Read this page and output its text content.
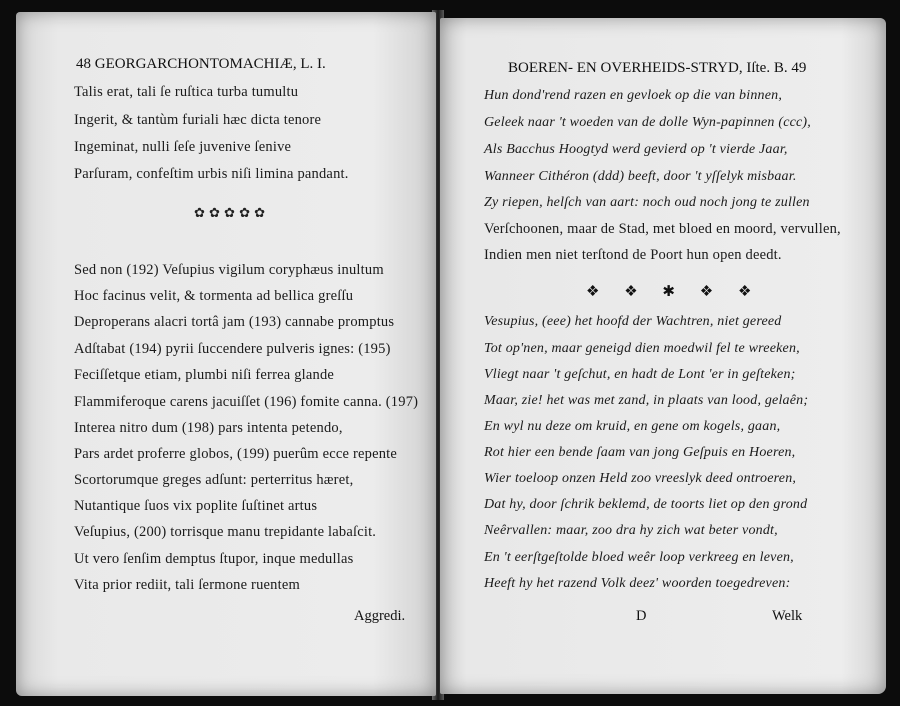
48 GEORGARCHONTOMACHIÆ, L. I.
Talis erat, tali ſe ruſtica turba tumultu
Ingerit, & tantùm furiali hæc dicta tenore
Ingeminat, nulli ſeſe juvenive ſenive
Parſuram, confeſtim urbis niſi limina pandant.
✿ ✿ ✿ ✿ ✿
Sed non (192) Veſupius vigilum coryphæus inultum
Hoc facinus velit, & tormenta ad bellica greſſu
Deproperans alacri tortâ jam (193) cannabe promptus
Adſtabat (194) pyrii ſuccendere pulveris ignes: (195)
Feciſſetque etiam, plumbi niſi ferrea glande
Flammiferoque carens jacuiſſet (196) fomite canna. (197)
Interea nitro dum (198) pars intenta petendo,
Pars ardet proferre globos, (199) puerûm ecce repente
Scortorumque greges adſunt: perterritus hæret,
Nutantique ſuos vix poplite ſuſtinet artus
Veſupius, (200) torrisque manu trepidante labaſcit.
Ut vero ſenſim demptus ſtupor, inque medullas
Vita prior rediit, tali ſermone ruentem
Aggredi.
BOEREN- EN OVERHEIDS-STRYD, Iſte. B. 49
Hun dond'rend razen en gevloek op die van binnen,
Geleek naar 't woeden van de dolle Wyn-papinnen (ccc),
Als Bacchus Hoogtyd werd gevierd op 't vierde Jaar,
Wanneer Cithéron (ddd) beeft, door 't yſſelyk misbaar.
Zy riepen, helſch van aart: noch oud noch jong te zullen
Verſchoonen, maar de Stad, met bloed en moord, vervullen,
Indien men niet terſtond de Poort hun open deedt.
❖ ❖ ✱ ❖ ❖
Vesupius, (eee) het hoofd der Wachtren, niet gereed
Tot op'nen, maar geneigd dien moedwil fel te wreeken,
Vliegt naar 't geſchut, en hadt de Lont 'er in geſteken;
Maar, zie! het was met zand, in plaats van lood, gelaên;
En wyl nu deze om kruid, en gene om kogels, gaan,
Rot hier een bende ſaam van jong Geſpuis en Hoeren,
Wier toeloop onzen Held zoo vreeslyk deed ontroeren,
Dat hy, door ſchrik beklemd, de toorts liet op den grond
Neêrvallen: maar, zoo dra hy zich wat beter vondt,
En 't eerſtgeſtolde bloed weêr loop verkreeg en leven,
Heeft hy het razend Volk deez' woorden toegedreven:
D	Welk
